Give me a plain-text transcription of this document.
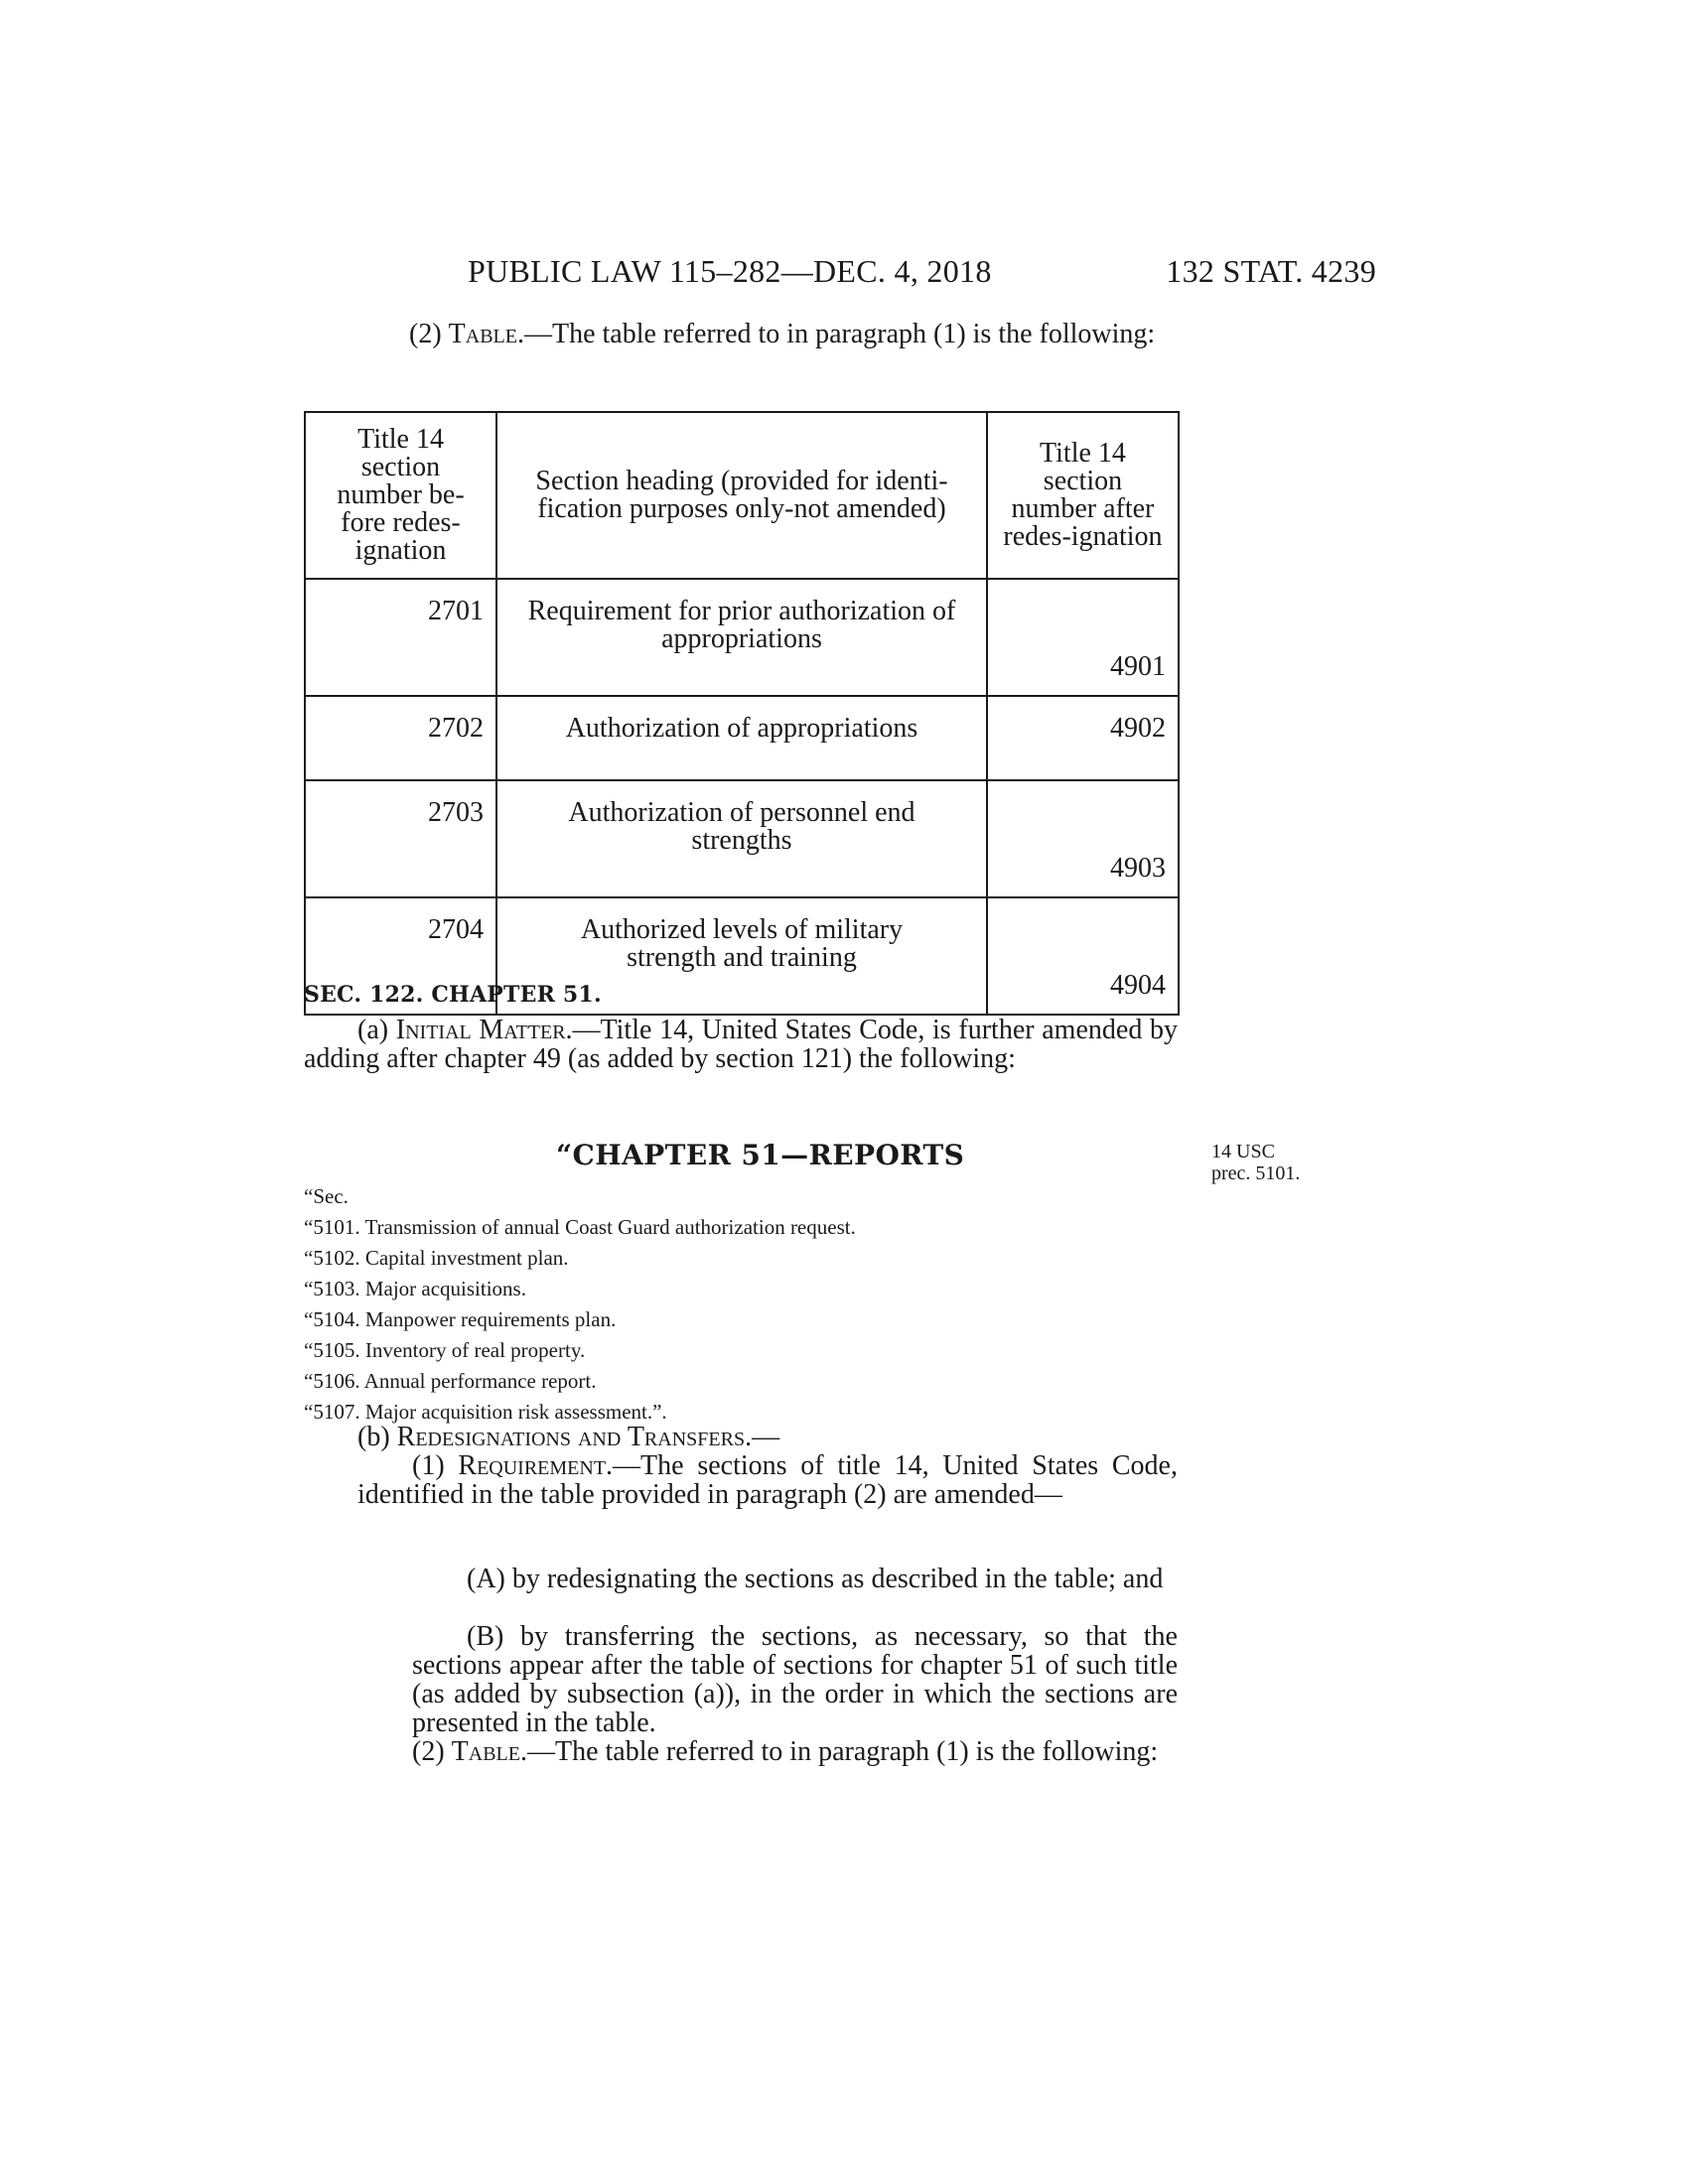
PUBLIC LAW 115–282—DEC. 4, 2018	132 STAT. 4239
(2) Table.—The table referred to in paragraph (1) is the following:
Title 14 section number be-fore redes-ignation	Section heading (provided for identi-fication purposes only-not amended)	Title 14 section number after redes-ignation
2701	Requirement for prior authorization of appropriations	4901
2702	Authorization of appropriations	4902
2703	Authorization of personnel end strengths	4903
2704	Authorized levels of military strength and training	4904
SEC. 122. CHAPTER 51.
(a) Initial Matter.—Title 14, United States Code, is further amended by adding after chapter 49 (as added by section 121) the following:
“CHAPTER 51—REPORTS	14 USC
prec. 5101.
“Sec.
“5101. Transmission of annual Coast Guard authorization request.
“5102. Capital investment plan.
“5103. Major acquisitions.
“5104. Manpower requirements plan.
“5105. Inventory of real property.
“5106. Annual performance report.
“5107. Major acquisition risk assessment.”.
(b) Redesignations and Transfers.—
(1) Requirement.—The sections of title 14, United States Code, identified in the table provided in paragraph (2) are amended—
(A) by redesignating the sections as described in the table; and
(B) by transferring the sections, as necessary, so that the sections appear after the table of sections for chapter 51 of such title (as added by subsection (a)), in the order in which the sections are presented in the table.
(2) Table.—The table referred to in paragraph (1) is the following:
